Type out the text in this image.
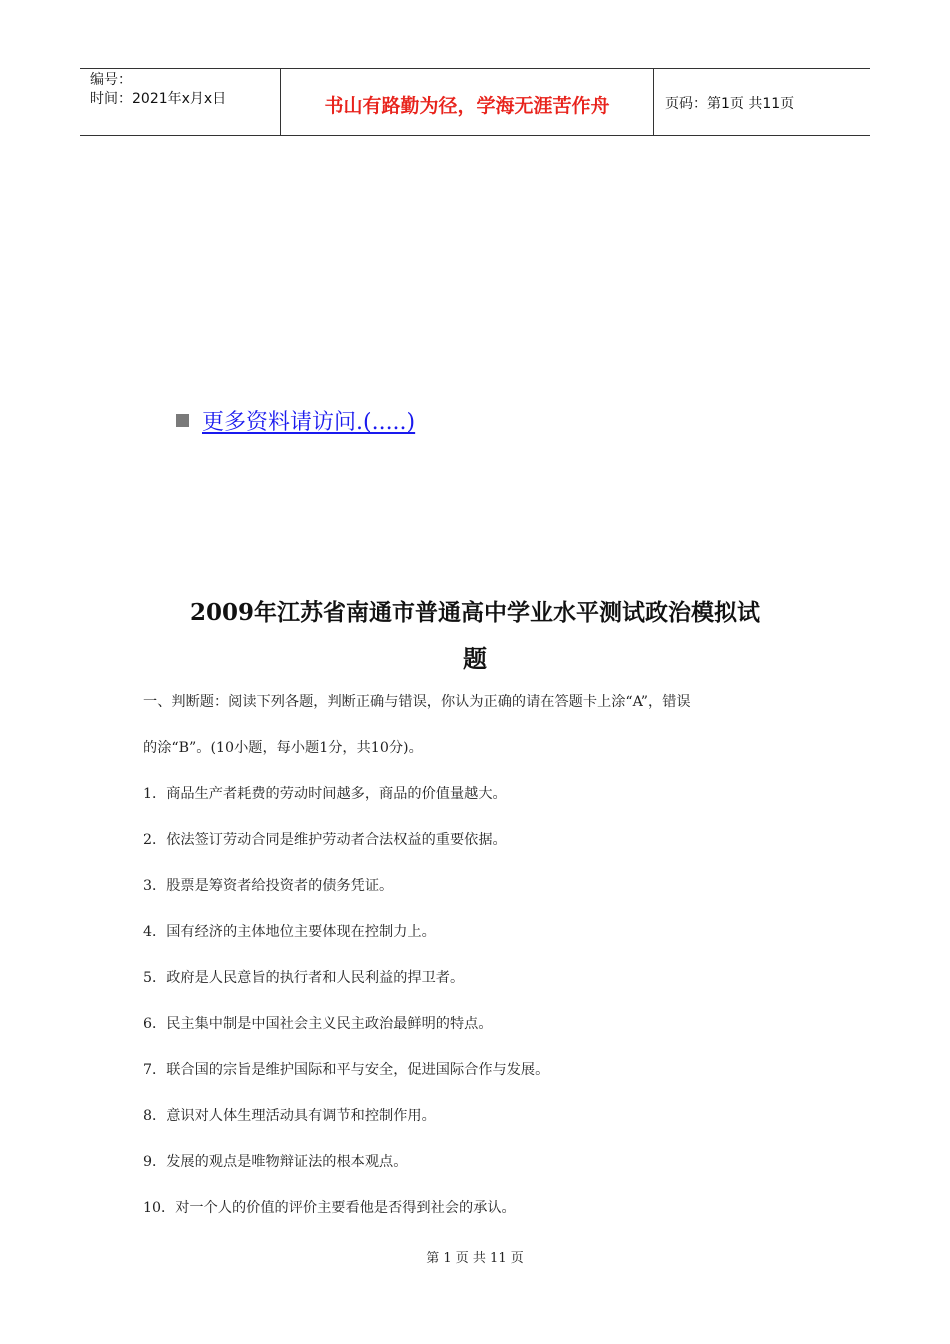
编号：
时间：2021年x月x日	书山有路勤为径，学海无涯苦作舟	页码：第1页 共11页
更多资料请访问.(.....)
2009年江苏省南通市普通高中学业水平测试政治模拟试
题

一、判断题：阅读下列各题，判断正确与错误，你认为正确的请在答题卡上涂“A”，错误

的涂“B”。(10小题，每小题1分，共10分)。

1．商品生产者耗费的劳动时间越多，商品的价值量越大。

2．依法签订劳动合同是维护劳动者合法权益的重要依据。

3．股票是筹资者给投资者的债务凭证。

4．国有经济的主体地位主要体现在控制力上。

5．政府是人民意旨的执行者和人民利益的捍卫者。

6．民主集中制是中国社会主义民主政治最鲜明的特点。

7．联合国的宗旨是维护国际和平与安全，促进国际合作与发展。

8．意识对人体生理活动具有调节和控制作用。

9．发展的观点是唯物辩证法的根本观点。

10．对一个人的价值的评价主要看他是否得到社会的承认。

第 1 页 共 11 页
